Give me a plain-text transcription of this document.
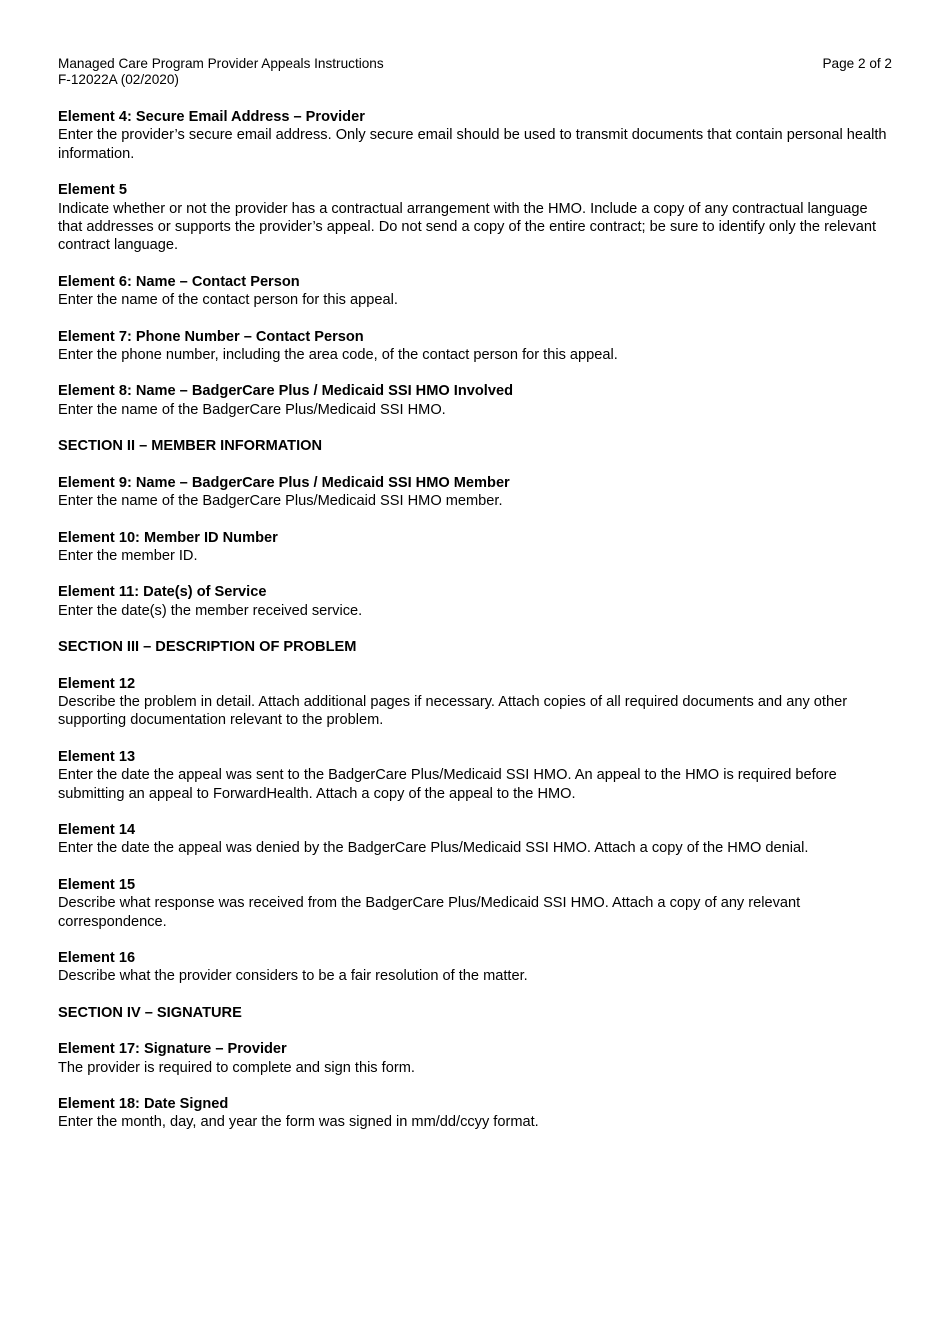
Managed Care Program Provider Appeals Instructions
F-12022A (02/2020)
Page 2 of 2
Element 4: Secure Email Address – Provider
Enter the provider’s secure email address. Only secure email should be used to transmit documents that contain personal health information.
Element 5
Indicate whether or not the provider has a contractual arrangement with the HMO. Include a copy of any contractual language that addresses or supports the provider’s appeal. Do not send a copy of the entire contract; be sure to identify only the relevant contract language.
Element 6: Name – Contact Person
Enter the name of the contact person for this appeal.
Element 7: Phone Number – Contact Person
Enter the phone number, including the area code, of the contact person for this appeal.
Element 8: Name – BadgerCare Plus / Medicaid SSI HMO Involved
Enter the name of the BadgerCare Plus/Medicaid SSI HMO.
SECTION II – MEMBER INFORMATION
Element 9: Name – BadgerCare Plus / Medicaid SSI HMO Member
Enter the name of the BadgerCare Plus/Medicaid SSI HMO member.
Element 10: Member ID Number
Enter the member ID.
Element 11: Date(s) of Service
Enter the date(s) the member received service.
SECTION III – DESCRIPTION OF PROBLEM
Element 12
Describe the problem in detail. Attach additional pages if necessary. Attach copies of all required documents and any other supporting documentation relevant to the problem.
Element 13
Enter the date the appeal was sent to the BadgerCare Plus/Medicaid SSI HMO. An appeal to the HMO is required before submitting an appeal to ForwardHealth. Attach a copy of the appeal to the HMO.
Element 14
Enter the date the appeal was denied by the BadgerCare Plus/Medicaid SSI HMO. Attach a copy of the HMO denial.
Element 15
Describe what response was received from the BadgerCare Plus/Medicaid SSI HMO. Attach a copy of any relevant correspondence.
Element 16
Describe what the provider considers to be a fair resolution of the matter.
SECTION IV – SIGNATURE
Element 17: Signature – Provider
The provider is required to complete and sign this form.
Element 18: Date Signed
Enter the month, day, and year the form was signed in mm/dd/ccyy format.
